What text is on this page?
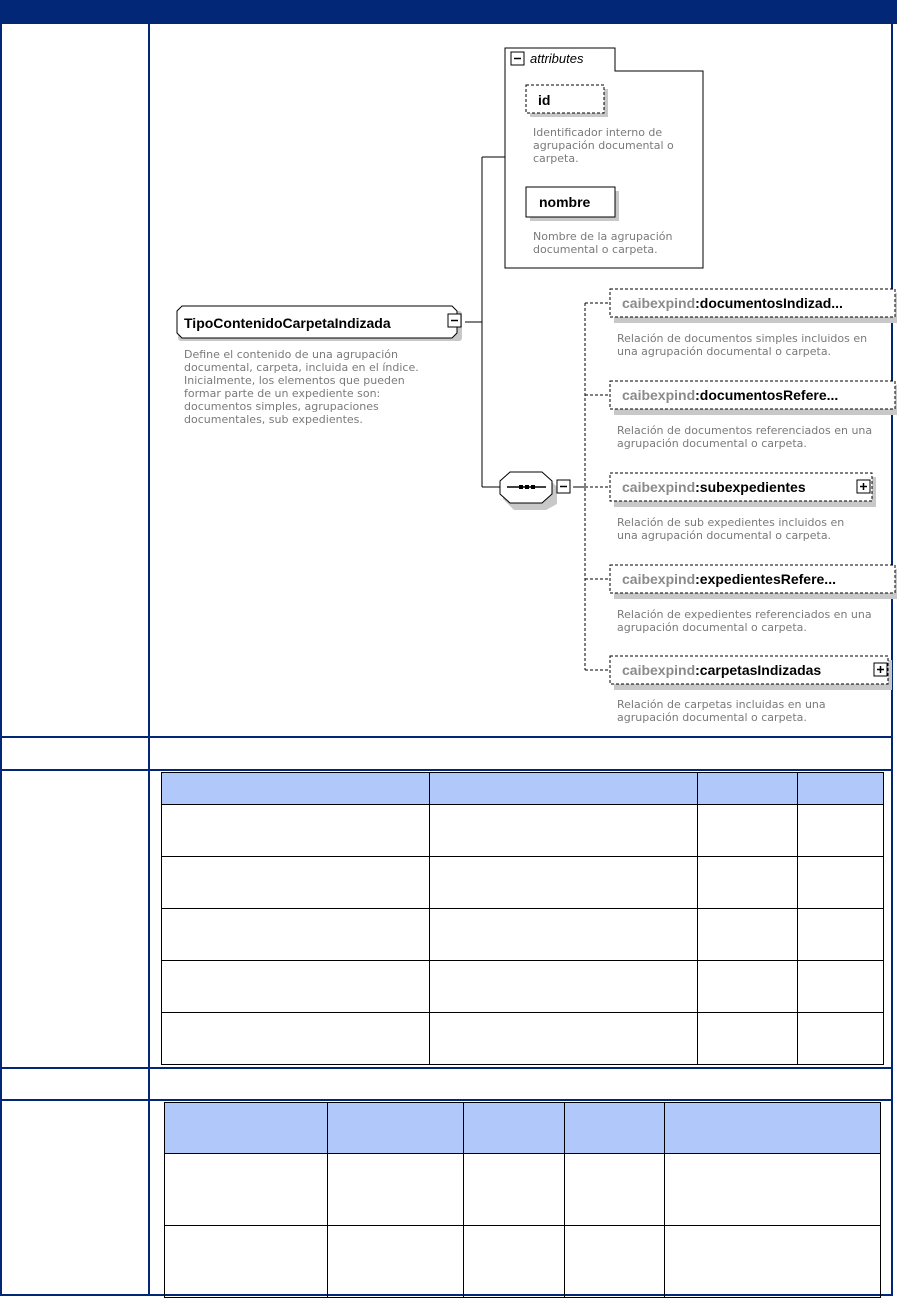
TipoContenidoCarpetaIndizada
Define el contenido de una agrupación documental, carpeta, incluida en el índice. Inicialmente, los elementos que pueden formar parte de un expediente son: documentos simples, agrupaciones documentales, sub expedientes.
attributes
id
Identificador interno de agrupación documental o carpeta.
nombre
Nombre de la agrupación documental o carpeta.
caibexpind:documentosIndizad...
Relación de documentos simples incluidos en una agrupación documental o carpeta.
caibexpind:documentosRefere...
Relación de documentos referenciados en una agrupación documental o carpeta.
caibexpind:subexpedientes
Relación de sub expedientes incluidos en una agrupación documental o carpeta.
caibexpind:expedientesRefere...
Relación de expedientes referenciados en una agrupación documental o carpeta.
caibexpind:carpetasIndizadas
Relación de carpetas incluidas en una agrupación documental o carpeta.
